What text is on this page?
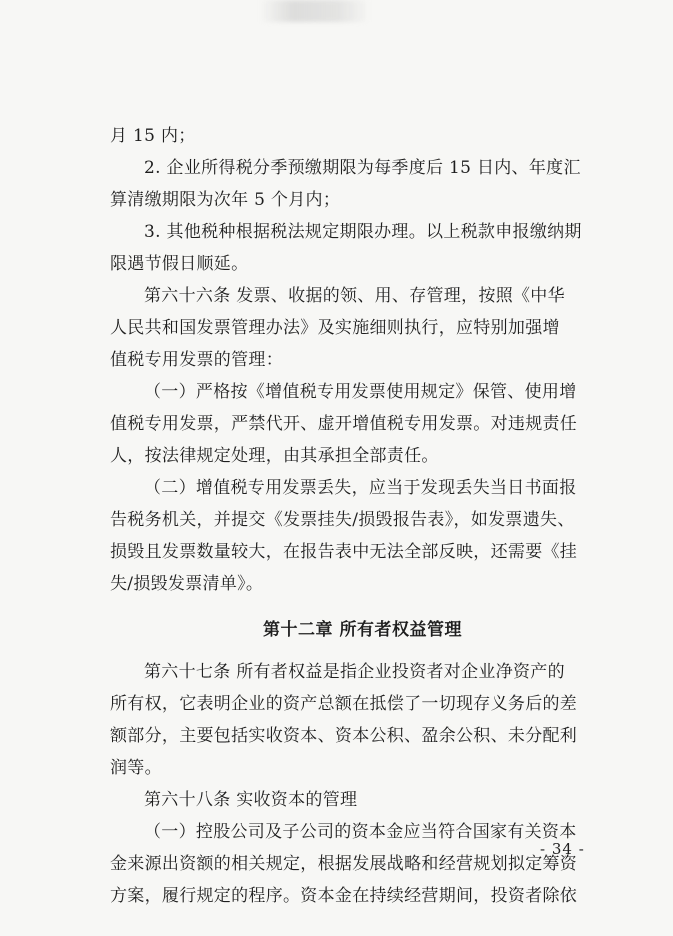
月 15 内；
2. 企业所得税分季预缴期限为每季度后 15 日内、年度汇
算清缴期限为次年 5 个月内；
3. 其他税种根据税法规定期限办理。以上税款申报缴纳期
限遇节假日顺延。
第六十六条 发票、收据的领、用、存管理，按照《中华
人民共和国发票管理办法》及实施细则执行，应特别加强增
值税专用发票的管理：
（一）严格按《增值税专用发票使用规定》保管、使用增
值税专用发票，严禁代开、虚开增值税专用发票。对违规责任
人，按法律规定处理，由其承担全部责任。
（二）增值税专用发票丢失，应当于发现丢失当日书面报
告税务机关，并提交《发票挂失/损毁报告表》，如发票遗失、
损毁且发票数量较大，在报告表中无法全部反映，还需要《挂
失/损毁发票清单》。
第十二章 所有者权益管理
第六十七条 所有者权益是指企业投资者对企业净资产的
所有权，它表明企业的资产总额在抵偿了一切现存义务后的差
额部分，主要包括实收资本、资本公积、盈余公积、未分配利
润等。
第六十八条 实收资本的管理
（一）控股公司及子公司的资本金应当符合国家有关资本
金来源出资额的相关规定，根据发展战略和经营规划拟定筹资
方案，履行规定的程序。资本金在持续经营期间，投资者除依
- 34 -
